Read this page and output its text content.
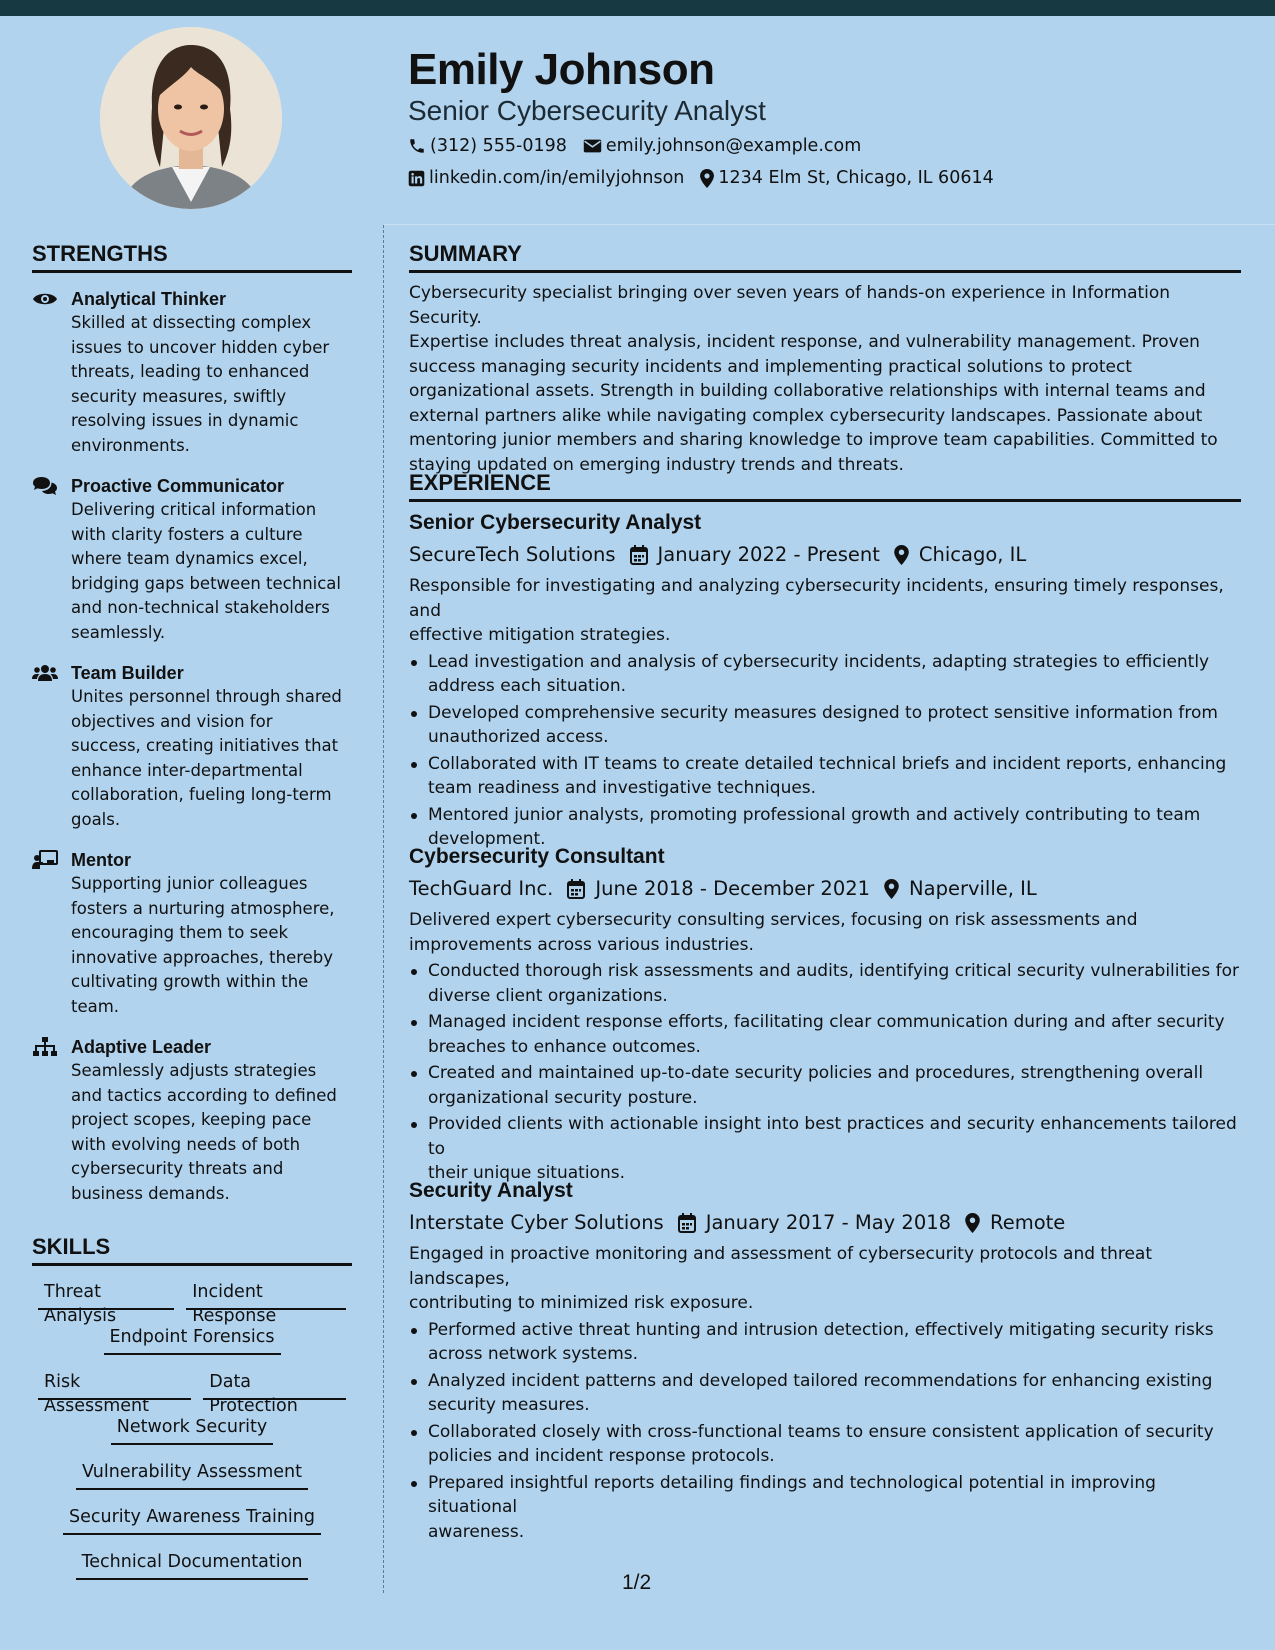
Emily Johnson
Senior Cybersecurity Analyst
(312) 555-0198 emily.johnson@example.com
linkedin.com/in/emilyjohnson 1234 Elm St, Chicago, IL 60614
STRENGTHS
Analytical Thinker
Skilled at dissecting complex
issues to uncover hidden cyber
threats, leading to enhanced
security measures, swiftly
resolving issues in dynamic
environments.
Proactive Communicator
Delivering critical information
with clarity fosters a culture
where team dynamics excel,
bridging gaps between technical
and non-technical stakeholders
seamlessly.
Team Builder
Unites personnel through shared
objectives and vision for
success, creating initiatives that
enhance inter-departmental
collaboration, fueling long-term
goals.
Mentor
Supporting junior colleagues
fosters a nurturing atmosphere,
encouraging them to seek
innovative approaches, thereby
cultivating growth within the
team.
Adaptive Leader
Seamlessly adjusts strategies
and tactics according to defined
project scopes, keeping pace
with evolving needs of both
cybersecurity threats and
business demands.
SKILLS
Threat Analysis
Incident Response
Endpoint Forensics
Risk Assessment
Data Protection
Network Security
Vulnerability Assessment
Security Awareness Training
Technical Documentation
SUMMARY
Cybersecurity specialist bringing over seven years of hands-on experience in Information Security.
Expertise includes threat analysis, incident response, and vulnerability management. Proven
success managing security incidents and implementing practical solutions to protect
organizational assets. Strength in building collaborative relationships with internal teams and
external partners alike while navigating complex cybersecurity landscapes. Passionate about
mentoring junior members and sharing knowledge to improve team capabilities. Committed to
staying updated on emerging industry trends and threats.
EXPERIENCE
Senior Cybersecurity Analyst
SecureTech Solutions January 2022 - Present Chicago, IL
Responsible for investigating and analyzing cybersecurity incidents, ensuring timely responses, and
effective mitigation strategies.
Lead investigation and analysis of cybersecurity incidents, adapting strategies to efficiently
address each situation.
Developed comprehensive security measures designed to protect sensitive information from
unauthorized access.
Collaborated with IT teams to create detailed technical briefs and incident reports, enhancing
team readiness and investigative techniques.
Mentored junior analysts, promoting professional growth and actively contributing to team
development.
Cybersecurity Consultant
TechGuard Inc. June 2018 - December 2021 Naperville, IL
Delivered expert cybersecurity consulting services, focusing on risk assessments and
improvements across various industries.
Conducted thorough risk assessments and audits, identifying critical security vulnerabilities for
diverse client organizations.
Managed incident response efforts, facilitating clear communication during and after security
breaches to enhance outcomes.
Created and maintained up-to-date security policies and procedures, strengthening overall
organizational security posture.
Provided clients with actionable insight into best practices and security enhancements tailored to
their unique situations.
Security Analyst
Interstate Cyber Solutions January 2017 - May 2018 Remote
Engaged in proactive monitoring and assessment of cybersecurity protocols and threat landscapes,
contributing to minimized risk exposure.
Performed active threat hunting and intrusion detection, effectively mitigating security risks
across network systems.
Analyzed incident patterns and developed tailored recommendations for enhancing existing
security measures.
Collaborated closely with cross-functional teams to ensure consistent application of security
policies and incident response protocols.
Prepared insightful reports detailing findings and technological potential in improving situational
awareness.
1/2
